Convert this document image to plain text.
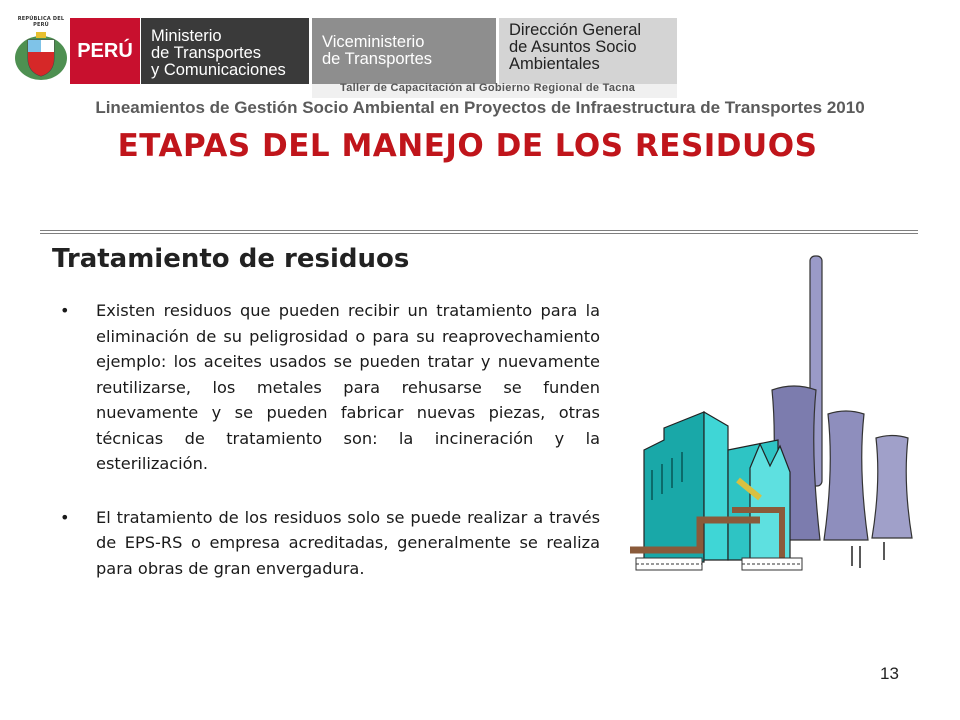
REPÚBLICA DEL PERÚ
PERÚ
Ministerio
de Transportes
y Comunicaciones
Viceministerio
de Transportes
Dirección General
de Asuntos Socio
Ambientales
Taller de Capacitación al Gobierno Regional de Tacna
Lineamientos de Gestión Socio Ambiental en Proyectos de Infraestructura de Transportes 2010
ETAPAS DEL MANEJO DE LOS RESIDUOS
Tratamiento de residuos
• Existen residuos que pueden recibir un tratamiento para la eliminación de su peligrosidad o para su reaprovechamiento ejemplo: los aceites usados se pueden tratar y nuevamente reutilizarse, los metales para rehusarse se funden nuevamente y se pueden fabricar nuevas piezas, otras técnicas de tratamiento son: la incineración y la esterilización.
• El tratamiento de los residuos solo se puede realizar a través de EPS-RS o empresa acreditadas, generalmente se realiza para obras de gran envergadura.
13
